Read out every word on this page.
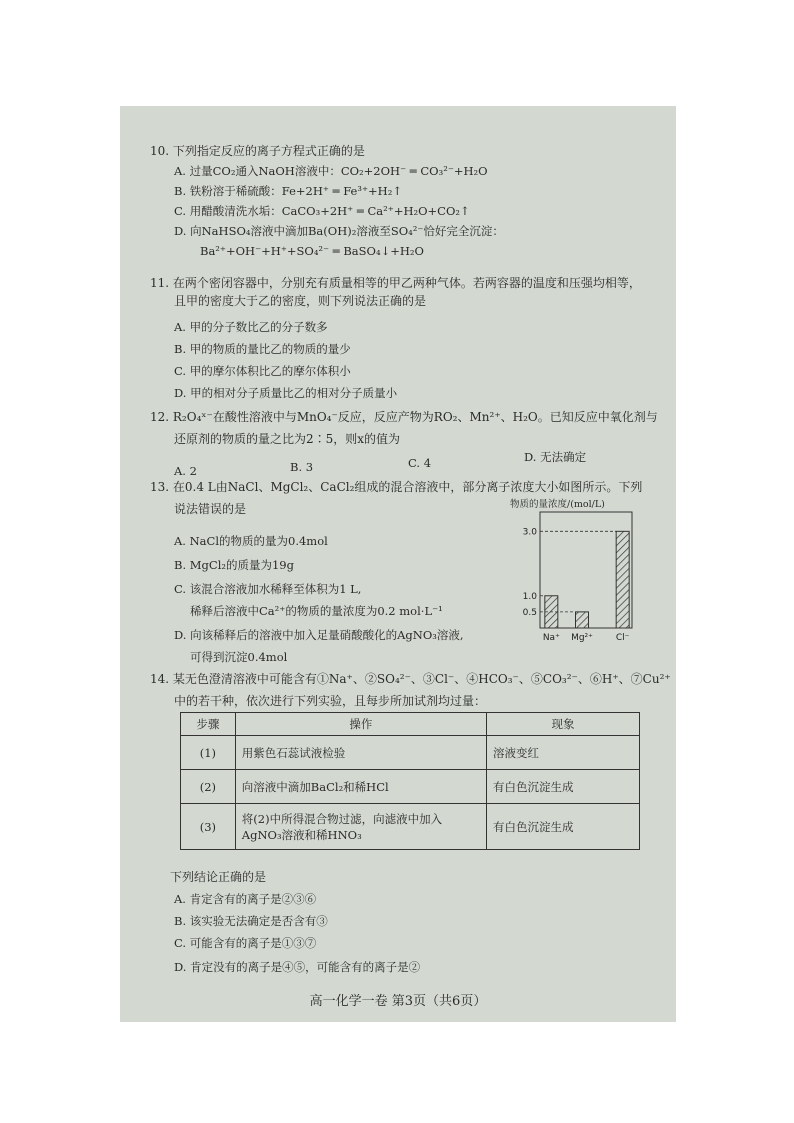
10. 下列指定反应的离子方程式正确的是
A. 过量CO₂通入NaOH溶液中：CO₂+2OH⁻ ═ CO₃²⁻+H₂O
B. 铁粉溶于稀硫酸：Fe+2H⁺ ═ Fe³⁺+H₂↑
C. 用醋酸清洗水垢：CaCO₃+2H⁺ ═ Ca²⁺+H₂O+CO₂↑
D. 向NaHSO₄溶液中滴加Ba(OH)₂溶液至SO₄²⁻恰好完全沉淀：
Ba²⁺+OH⁻+H⁺+SO₄²⁻ ═ BaSO₄↓+H₂O
11. 在两个密闭容器中，分别充有质量相等的甲乙两种气体。若两容器的温度和压强均相等，
且甲的密度大于乙的密度，则下列说法正确的是
A. 甲的分子数比乙的分子数多
B. 甲的物质的量比乙的物质的量少
C. 甲的摩尔体积比乙的摩尔体积小
D. 甲的相对分子质量比乙的相对分子质量小
12. R₂O₄ˣ⁻在酸性溶液中与MnO₄⁻反应，反应产物为RO₂、Mn²⁺、H₂O。已知反应中氧化剂与
还原剂的物质的量之比为2∶5，则x的值为
A. 2	B. 3	C. 4	D. 无法确定
13. 在0.4 L由NaCl、MgCl₂、CaCl₂组成的混合溶液中，部分离子浓度大小如图所示。下列
说法错误的是
A. NaCl的物质的量为0.4mol
B. MgCl₂的质量为19g
C. 该混合溶液加水稀释至体积为1 L,
稀释后溶液中Ca²⁺的物质的量浓度为0.2 mol·L⁻¹
D. 向该稀释后的溶液中加入足量硝酸酸化的AgNO₃溶液,
可得到沉淀0.4mol
物质的量浓度/(mol/L)
Na⁺ Mg²⁺	Cl⁻
0.5
1.0
3.0
14. 某无色澄清溶液中可能含有①Na⁺、②SO₄²⁻、③Cl⁻、④HCO₃⁻、⑤CO₃²⁻、⑥H⁺、⑦Cu²⁺
中的若干种，依次进行下列实验，且每步所加试剂均过量：
步骤	操作	现象
(1)	用紫色石蕊试液检验	溶液变红
(2)	向溶液中滴加BaCl₂和稀HCl	有白色沉淀生成
(3)	将(2)中所得混合物过滤，向滤液中加入AgNO₃溶液和稀HNO₃	有白色沉淀生成
下列结论正确的是
A. 肯定含有的离子是②③⑥
B. 该实验无法确定是否含有③
C. 可能含有的离子是①③⑦
D. 肯定没有的离子是④⑤，可能含有的离子是②
高一化学一卷 第3页（共6页）
